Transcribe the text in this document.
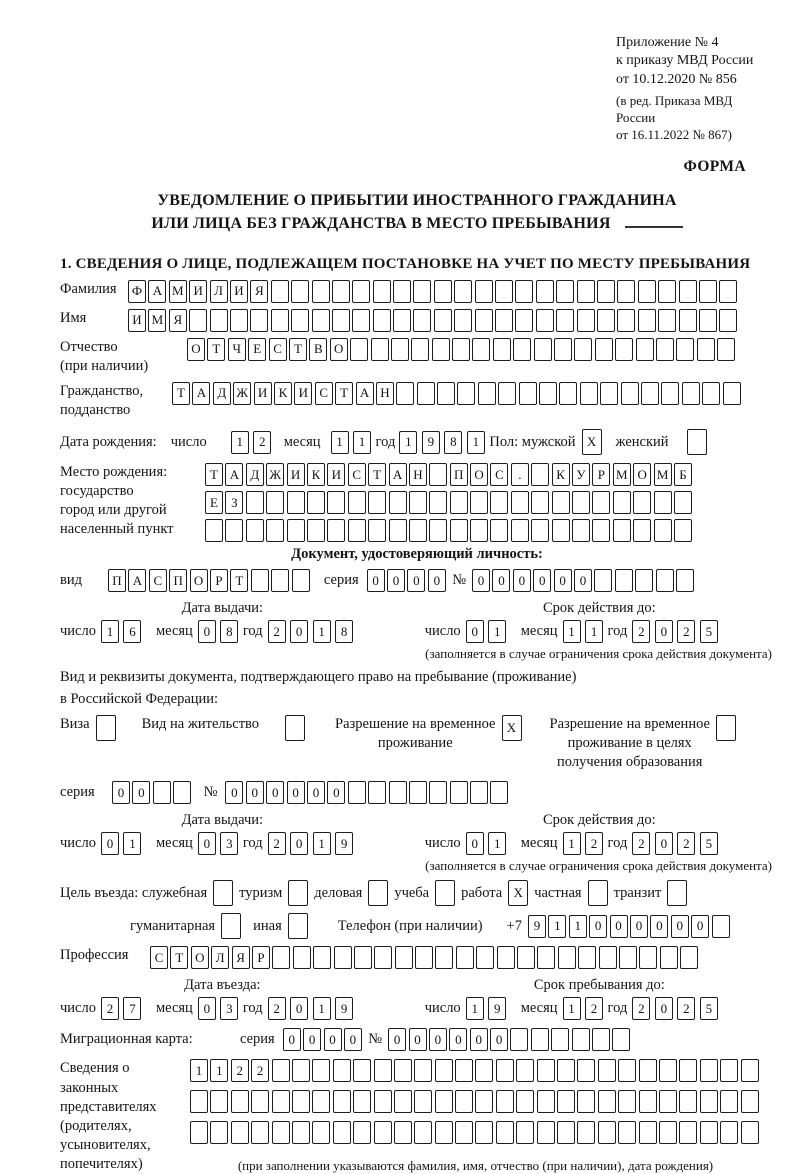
Приложение № 4
к приказу МВД России
от 10.12.2020 № 856
(в ред. Приказа МВД России
от 16.11.2022 № 867)
ФОРМА
УВЕДОМЛЕНИЕ О ПРИБЫТИИ ИНОСТРАННОГО ГРАЖДАНИНА
ИЛИ ЛИЦА БЕЗ ГРАЖДАНСТВА В МЕСТО ПРЕБЫВАНИЯ
1. СВЕДЕНИЯ О ЛИЦЕ, ПОДЛЕЖАЩЕМ ПОСТАНОВКЕ НА УЧЕТ ПО МЕСТУ ПРЕБЫВАНИЯ
Фамилия	Ф А М И Л И Я
Имя	И М Я
Отчество
(при наличии)
О Т Ч Е С Т В О
Гражданство,
подданство
Т А Д Ж И К И С Т А Н
Дата рождения: число	1	2	месяц	1	1 год 1	9	8	1 Пол: мужской X	женский
Место рождения:
государство
город или другой
населенный пункт
Т А Д Ж И К И С Т А Н	П О С	.	К У Р М О М Б
Е	З
Документ, удостоверяющий личность:
вид	П А С П О Р Т	серия	0	0	0	0 № 0	0	0	0	0	0
Дата выдачи:
число 1	6	месяц 0	8 год 2	0	1	8
Срок действия до:
число 0	1	месяц 1	1 год 2	0	2	5
(заполняется в случае ограничения срока действия документа)
Вид и реквизиты документа, подтверждающего право на пребывание (проживание)
в Российской Федерации:
Виза	Вид на жительство	Разрешение на временное
проживание
X	Разрешение на временное
проживание в целях
получения образования
серия	0	0	№	0	0	0	0	0	0
Дата выдачи:
число 0	1	месяц 0	3 год 2	0	1	9
Срок действия до:
число 0	1	месяц 1	2 год 2	0	2	5
(заполняется в случае ограничения срока действия документа)
Цель въезда: служебная туризм деловая учеба работа X частная транзит
гуманитарная	иная	Телефон (при наличии) +7 9	1	1	0	0	0	0	0	0
Профессия	С Т О Л Я Р
Дата въезда:
число 2	7	месяц 0	3 год 2	0	1	9
Срок пребывания до:
число 1	9	месяц 1	2 год 2	0	2	5
Миграционная карта:	серия	0	0	0	0 № 0	0	0	0	0	0
Сведения о
законных
представителях
(родителях,
усыновителях,
попечителях)
1	1	2	2
(при заполнении указываются фамилия, имя, отчество (при наличии), дата рождения)
